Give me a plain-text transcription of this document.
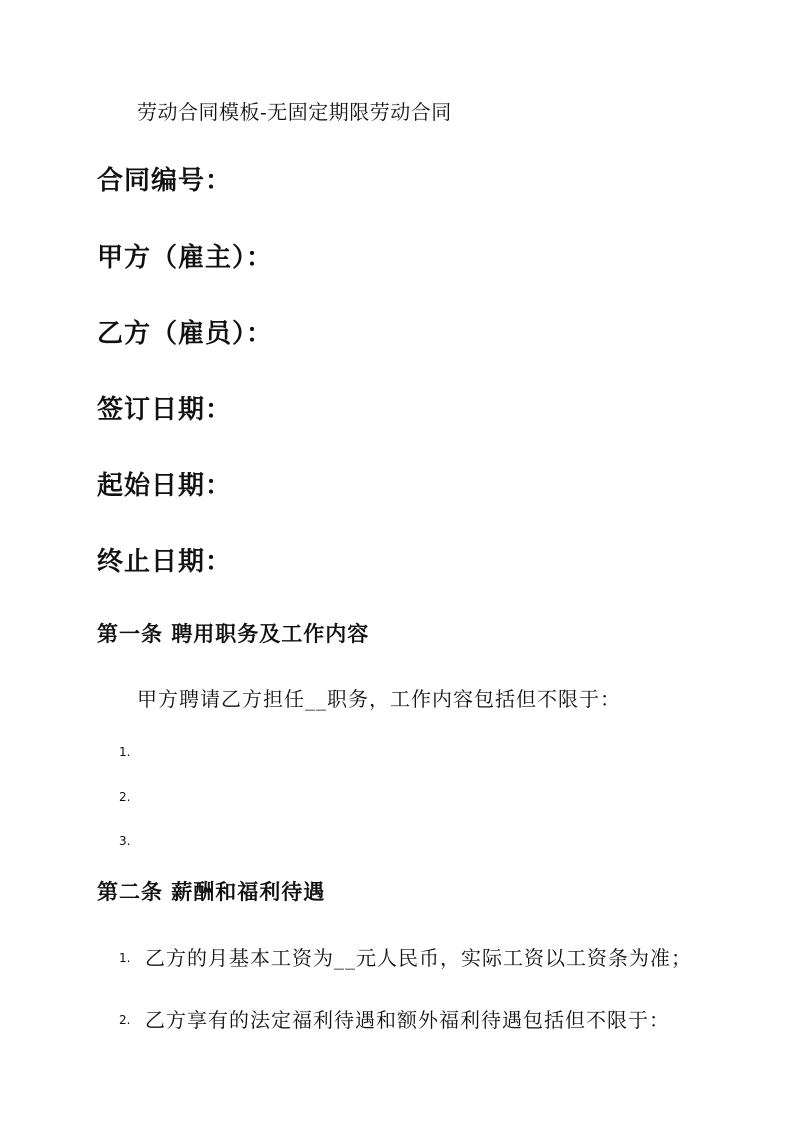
劳动合同模板-无固定期限劳动合同
合同编号：
甲方（雇主）：
乙方（雇员）：
签订日期：
起始日期：
终止日期：
第一条 聘用职务及工作内容
甲方聘请乙方担任__职务，工作内容包括但不限于：
1.
2.
3.
第二条 薪酬和福利待遇
1. 乙方的月基本工资为__元人民币，实际工资以工资条为准；
2. 乙方享有的法定福利待遇和额外福利待遇包括但不限于：
